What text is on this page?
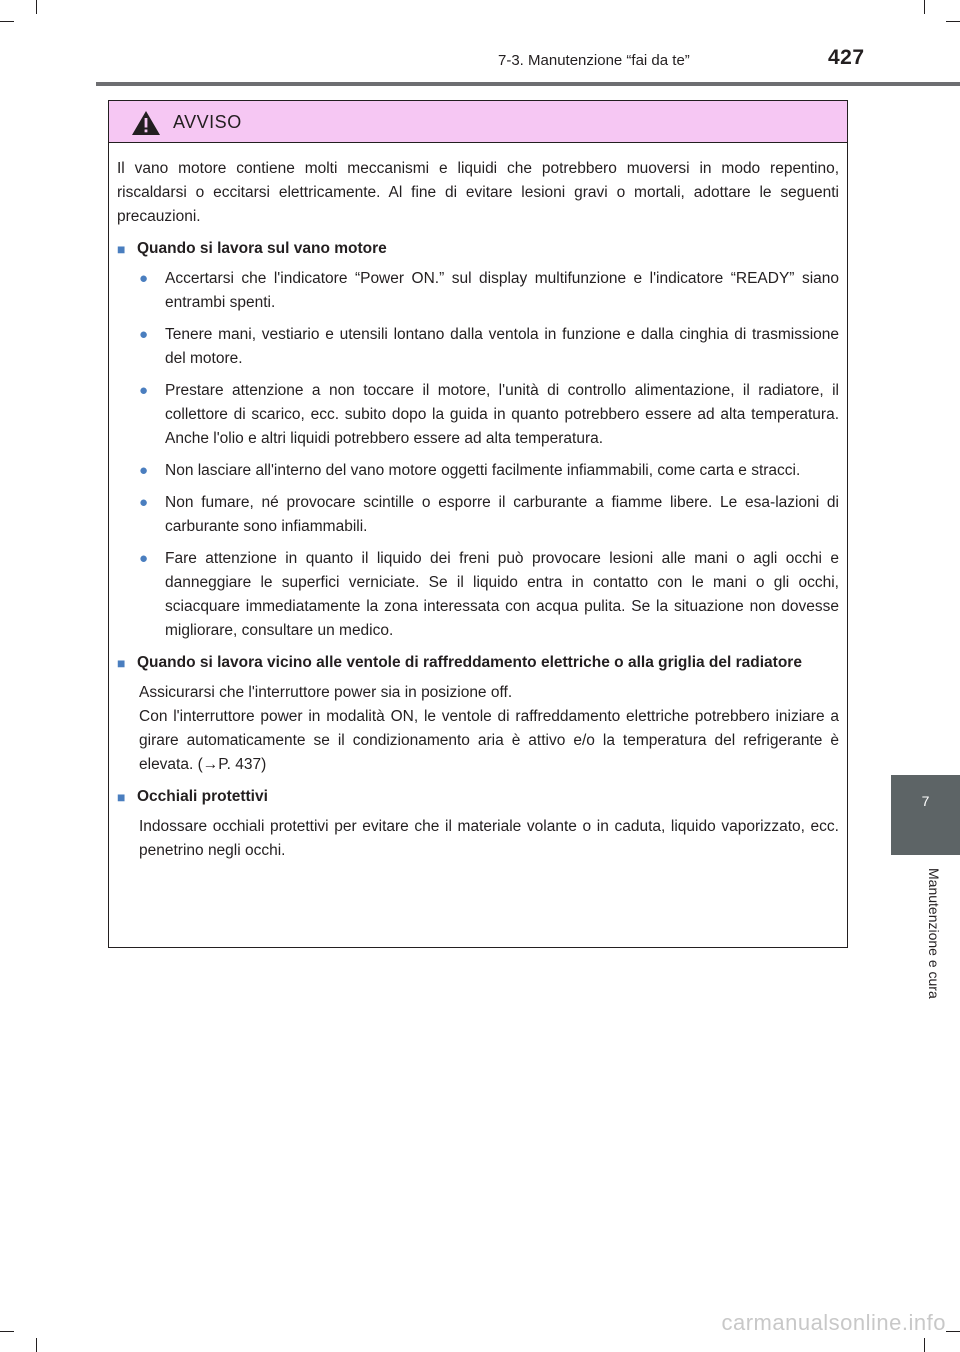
7-3. Manutenzione “fai da te”	427
7
Manutenzione e cura
AVVISO

Il vano motore contiene molti meccanismi e liquidi che potrebbero muoversi in modo repentino, riscaldarsi o eccitarsi elettricamente. Al fine di evitare lesioni gravi o mortali, adottare le seguenti precauzioni.

■ Quando si lavora sul vano motore
●	Accertarsi che l'indicatore “Power ON.” sul display multifunzione e l'indicatore “READY” siano entrambi spenti.
●	Tenere mani, vestiario e utensili lontano dalla ventola in funzione e dalla cinghia di trasmissione del motore.
●	Prestare attenzione a non toccare il motore, l'unità di controllo alimentazione, il radiatore, il collettore di scarico, ecc. subito dopo la guida in quanto potrebbero essere ad alta temperatura. Anche l'olio e altri liquidi potrebbero essere ad alta temperatura.
●	Non lasciare all'interno del vano motore oggetti facilmente infiammabili, come carta e stracci.
●	Non fumare, né provocare scintille o esporre il carburante a fiamme libere. Le esa-lazioni di carburante sono infiammabili.
●	Fare attenzione in quanto il liquido dei freni può provocare lesioni alle mani o agli occhi e danneggiare le superfici verniciate. Se il liquido entra in contatto con le mani o gli occhi, sciacquare immediatamente la zona interessata con acqua pulita. Se la situazione non dovesse migliorare, consultare un medico.
■ Quando si lavora vicino alle ventole di raffreddamento elettriche o alla griglia del radiatore

Assicurarsi che l'interruttore power sia in posizione off.
Con l'interruttore power in modalità ON, le ventole di raffreddamento elettriche potrebbero iniziare a girare automaticamente se il condizionamento aria è attivo e/o la temperatura del refrigerante è elevata. (→P. 437)

■ Occhiali protettivi

Indossare occhiali protettivi per evitare che il materiale volante o in caduta, liquido vaporizzato, ecc. penetrino negli occhi.

carmanualsonline.info
